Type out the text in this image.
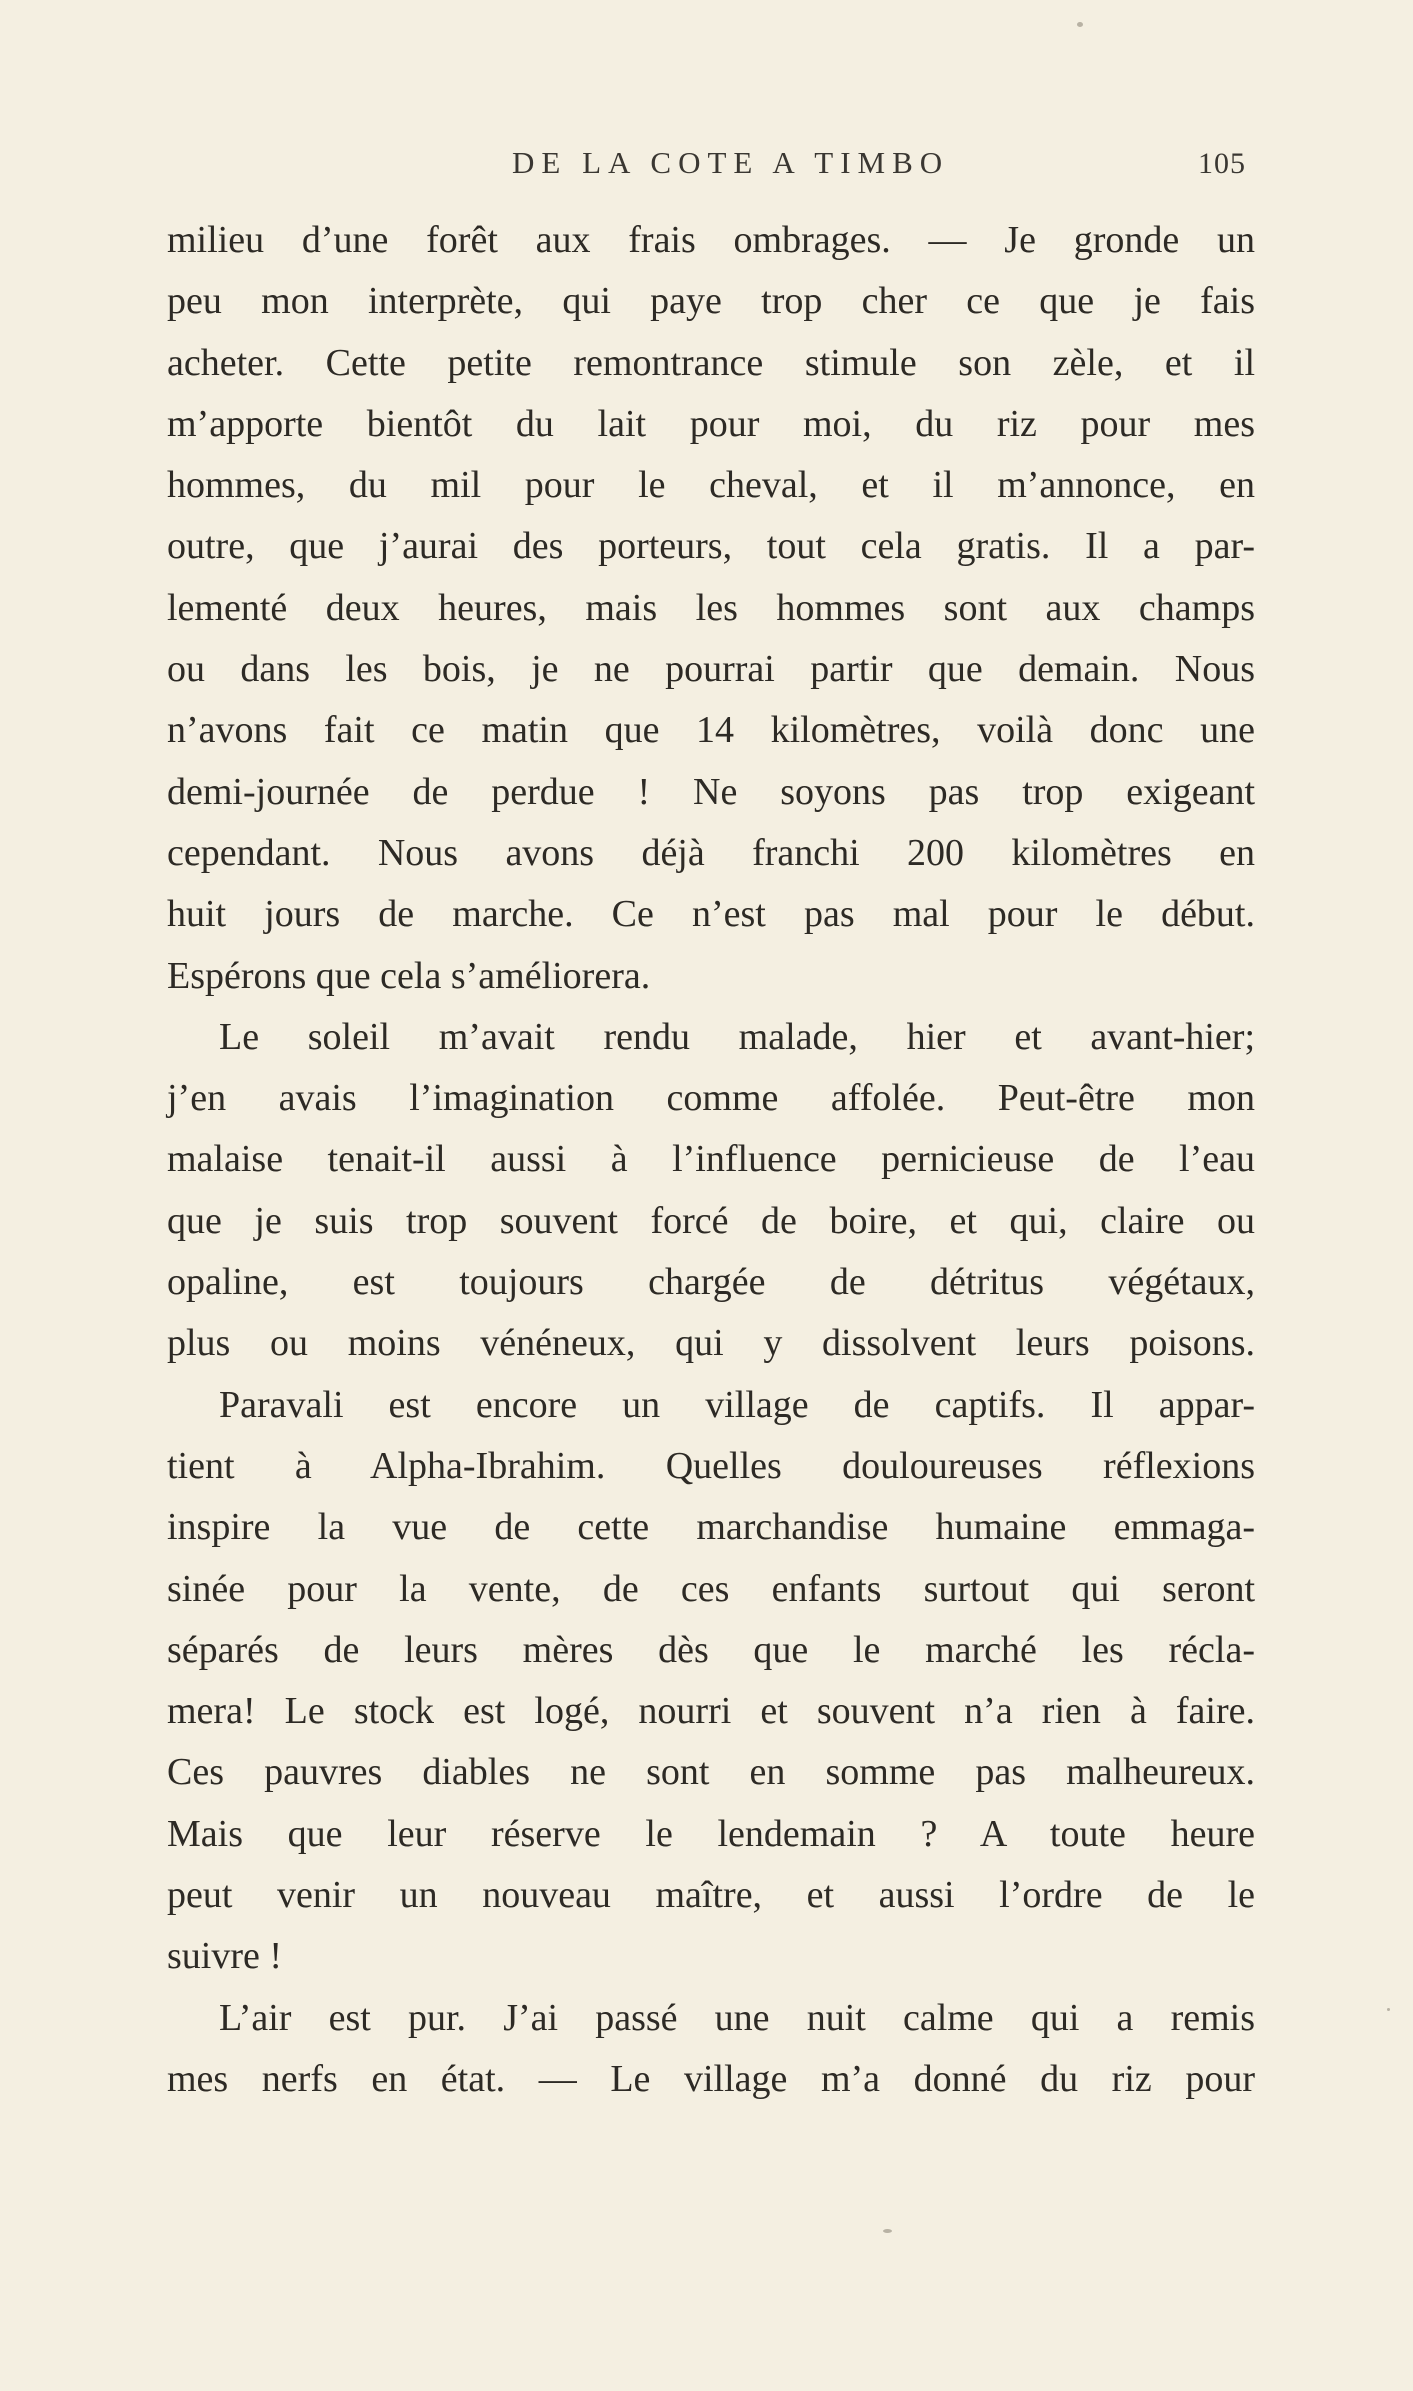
DE LA COTE A TIMBO	105
milieu d’une forêt aux frais ombrages. — Je gronde un
peu mon interprète, qui paye trop cher ce que je fais
acheter. Cette petite remontrance stimule son zèle, et il
m’apporte bientôt du lait pour moi, du riz pour mes
hommes, du mil pour le cheval, et il m’annonce, en
outre, que j’aurai des porteurs, tout cela gratis. Il a par-
lementé deux heures, mais les hommes sont aux champs
ou dans les bois, je ne pourrai partir que demain. Nous
n’avons fait ce matin que 14 kilomètres, voilà donc une
demi-journée de perdue ! Ne soyons pas trop exigeant
cependant. Nous avons déjà franchi 200 kilomètres en
huit jours de marche. Ce n’est pas mal pour le début.
Espérons que cela s’améliorera.
Le soleil m’avait rendu malade, hier et avant-hier;
j’en avais l’imagination comme affolée. Peut-être mon
malaise tenait-il aussi à l’influence pernicieuse de l’eau
que je suis trop souvent forcé de boire, et qui, claire ou
opaline, est toujours chargée de détritus végétaux,
plus ou moins vénéneux, qui y dissolvent leurs poisons.
Paravali est encore un village de captifs. Il appar-
tient à Alpha-Ibrahim. Quelles douloureuses réflexions
inspire la vue de cette marchandise humaine emmaga-
sinée pour la vente, de ces enfants surtout qui seront
séparés de leurs mères dès que le marché les récla-
mera! Le stock est logé, nourri et souvent n’a rien à faire.
Ces pauvres diables ne sont en somme pas malheureux.
Mais que leur réserve le lendemain ? A toute heure
peut venir un nouveau maître, et aussi l’ordre de le
suivre !
L’air est pur. J’ai passé une nuit calme qui a remis
mes nerfs en état. — Le village m’a donné du riz pour
